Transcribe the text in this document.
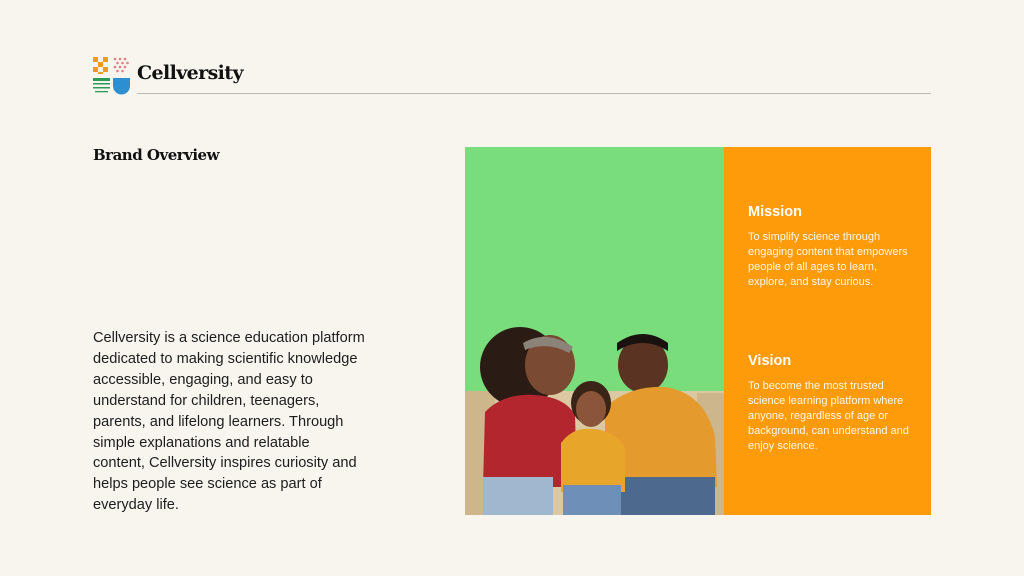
Cellversity
Brand Overview
Cellversity is a science education platform dedicated to making scientific knowledge accessible, engaging, and easy to understand for children, teenagers, parents, and lifelong learners. Through simple explanations and relatable content, Cellversity inspires curiosity and helps people see science as part of everyday life.
Mission
To simplify science through engaging content that empowers people of all ages to learn, explore, and stay curious.
Vision
To become the most trusted science learning platform where anyone, regardless of age or background, can understand and enjoy science.
